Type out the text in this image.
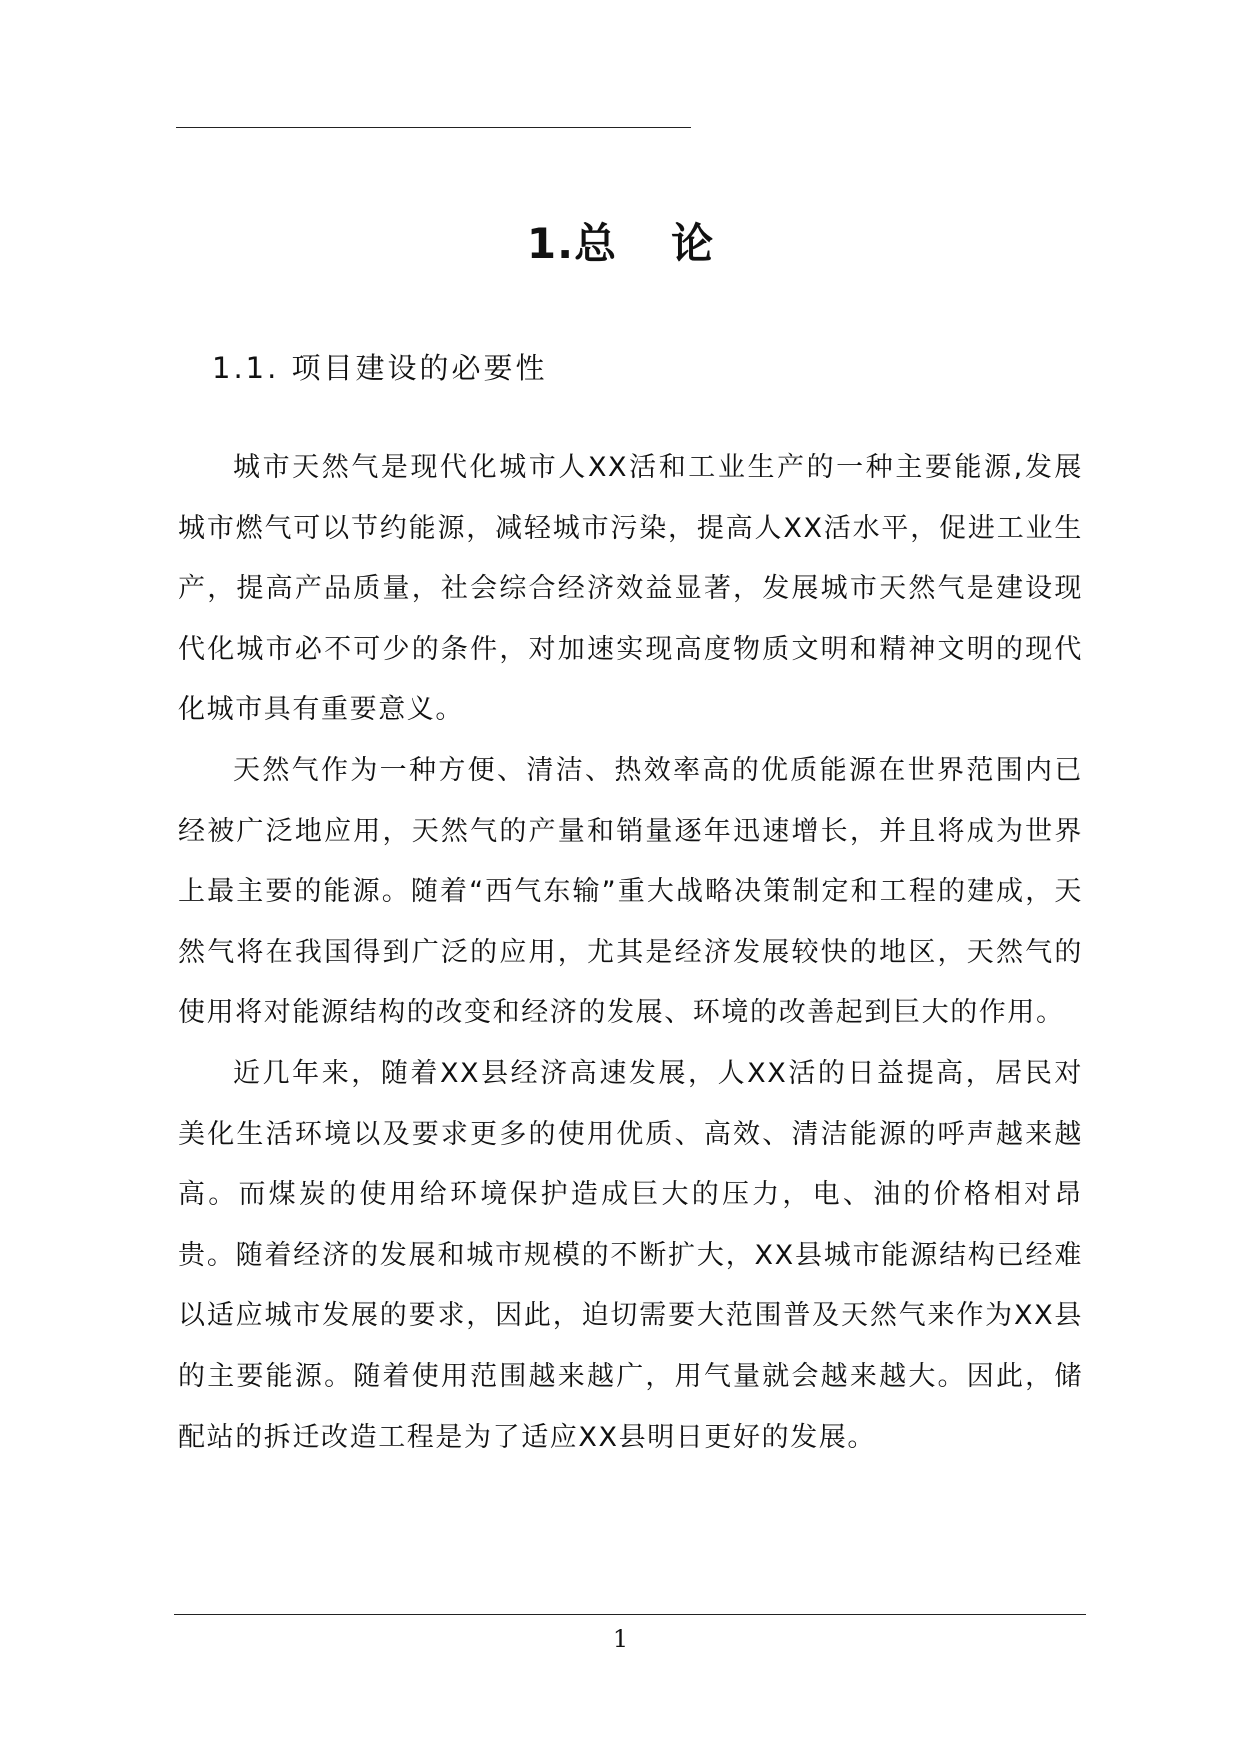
1.总 论
1.1. 项目建设的必要性

城市天然气是现代化城市人XX活和工业生产的一种主要能源,发展城市燃气可以节约能源，减轻城市污染，提高人XX活水平，促进工业生产，提高产品质量，社会综合经济效益显著，发展城市天然气是建设现代化城市必不可少的条件，对加速实现高度物质文明和精神文明的现代化城市具有重要意义。

天然气作为一种方便、清洁、热效率高的优质能源在世界范围内已经被广泛地应用，天然气的产量和销量逐年迅速增长，并且将成为世界上最主要的能源。随着“西气东输”重大战略决策制定和工程的建成，天然气将在我国得到广泛的应用，尤其是经济发展较快的地区，天然气的使用将对能源结构的改变和经济的发展、环境的改善起到巨大的作用。

近几年来，随着XX县经济高速发展，人XX活的日益提高，居民对美化生活环境以及要求更多的使用优质、高效、清洁能源的呼声越来越高。而煤炭的使用给环境保护造成巨大的压力，电、油的价格相对昂贵。随着经济的发展和城市规模的不断扩大，XX县城市能源结构已经难以适应城市发展的要求，因此，迫切需要大范围普及天然气来作为XX县的主要能源。随着使用范围越来越广，用气量就会越来越大。因此，储配站的拆迁改造工程是为了适应XX县明日更好的发展。

1
